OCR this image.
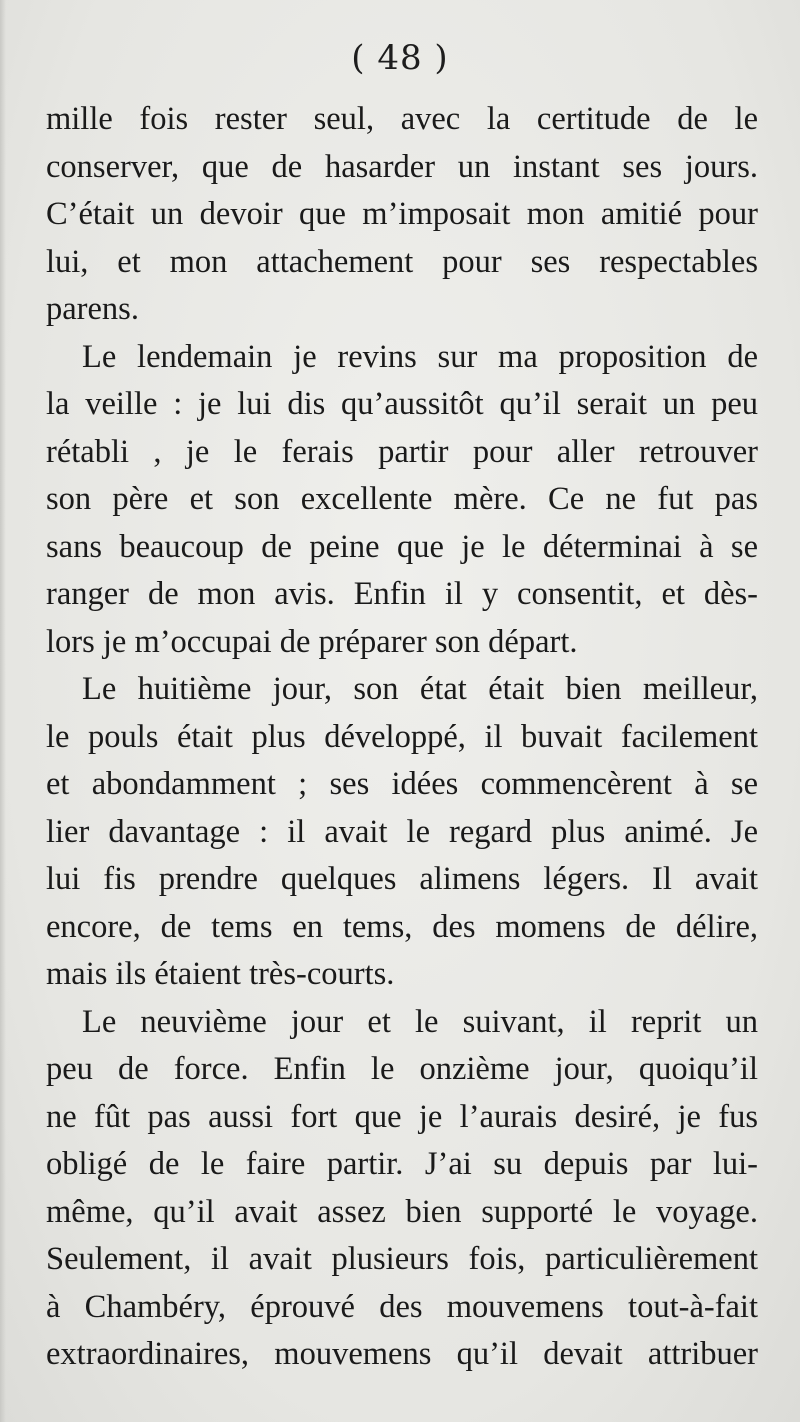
( 48 )
mille fois rester seul, avec la certitude de le
conserver, que de hasarder un instant ses jours.
C’était un devoir que m’imposait mon amitié pour
lui, et mon attachement pour ses respectables
parens.
Le lendemain je revins sur ma proposition de
la veille : je lui dis qu’aussitôt qu’il serait un peu
rétabli , je le ferais partir pour aller retrouver
son père et son excellente mère. Ce ne fut pas
sans beaucoup de peine que je le déterminai à se
ranger de mon avis. Enfin il y consentit, et dès-
lors je m’occupai de préparer son départ.
Le huitième jour, son état était bien meilleur,
le pouls était plus développé, il buvait facilement
et abondamment ; ses idées commencèrent à se
lier davantage : il avait le regard plus animé. Je
lui fis prendre quelques alimens légers. Il avait
encore, de tems en tems, des momens de délire,
mais ils étaient très-courts.
Le neuvième jour et le suivant, il reprit un
peu de force. Enfin le onzième jour, quoiqu’il
ne fût pas aussi fort que je l’aurais desiré, je fus
obligé de le faire partir. J’ai su depuis par lui-
même, qu’il avait assez bien supporté le voyage.
Seulement, il avait plusieurs fois, particulièrement
à Chambéry, éprouvé des mouvemens tout-à-fait
extraordinaires, mouvemens qu’il devait attribuer
